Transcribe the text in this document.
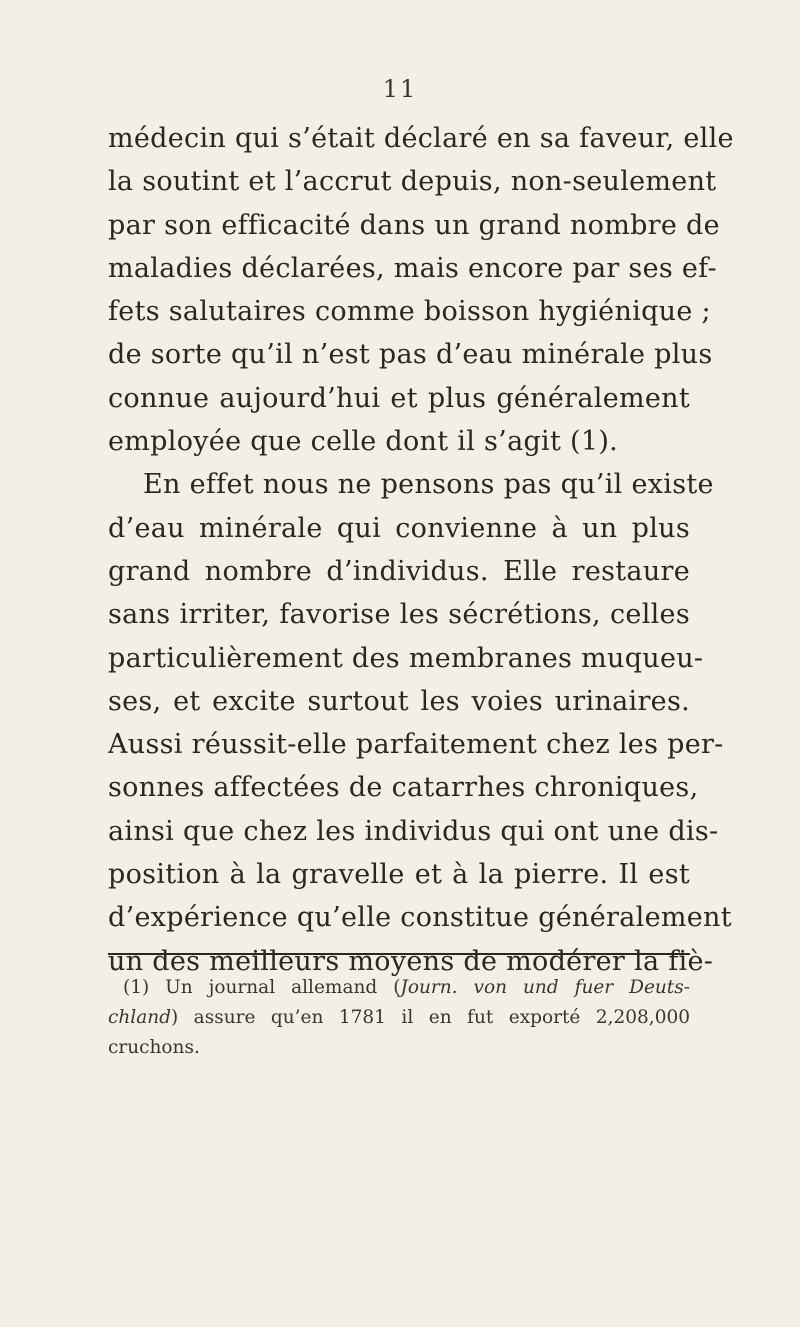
11
médecin qui s’était déclaré en sa faveur, elle
la soutint et l’accrut depuis, non-seulement
par son efficacité dans un grand nombre de
maladies déclarées, mais encore par ses ef-
fets salutaires comme boisson hygiénique ;
de sorte qu’il n’est pas d’eau minérale plus
connue aujourd’hui et plus généralement
employée que celle dont il s’agit (1).
En effet nous ne pensons pas qu’il existe
d’eau minérale qui convienne à un plus
grand nombre d’individus. Elle restaure
sans irriter, favorise les sécrétions, celles
particulièrement des membranes muqueu-
ses, et excite surtout les voies urinaires.
Aussi réussit-elle parfaitement chez les per-
sonnes affectées de catarrhes chroniques,
ainsi que chez les individus qui ont une dis-
position à la gravelle et à la pierre. Il est
d’expérience qu’elle constitue généralement
un des meilleurs moyens de modérer la fiè-
(1) Un journal allemand (Journ. von und fuer Deuts-
chland) assure qu’en 1781 il en fut exporté 2,208,000
cruchons.
